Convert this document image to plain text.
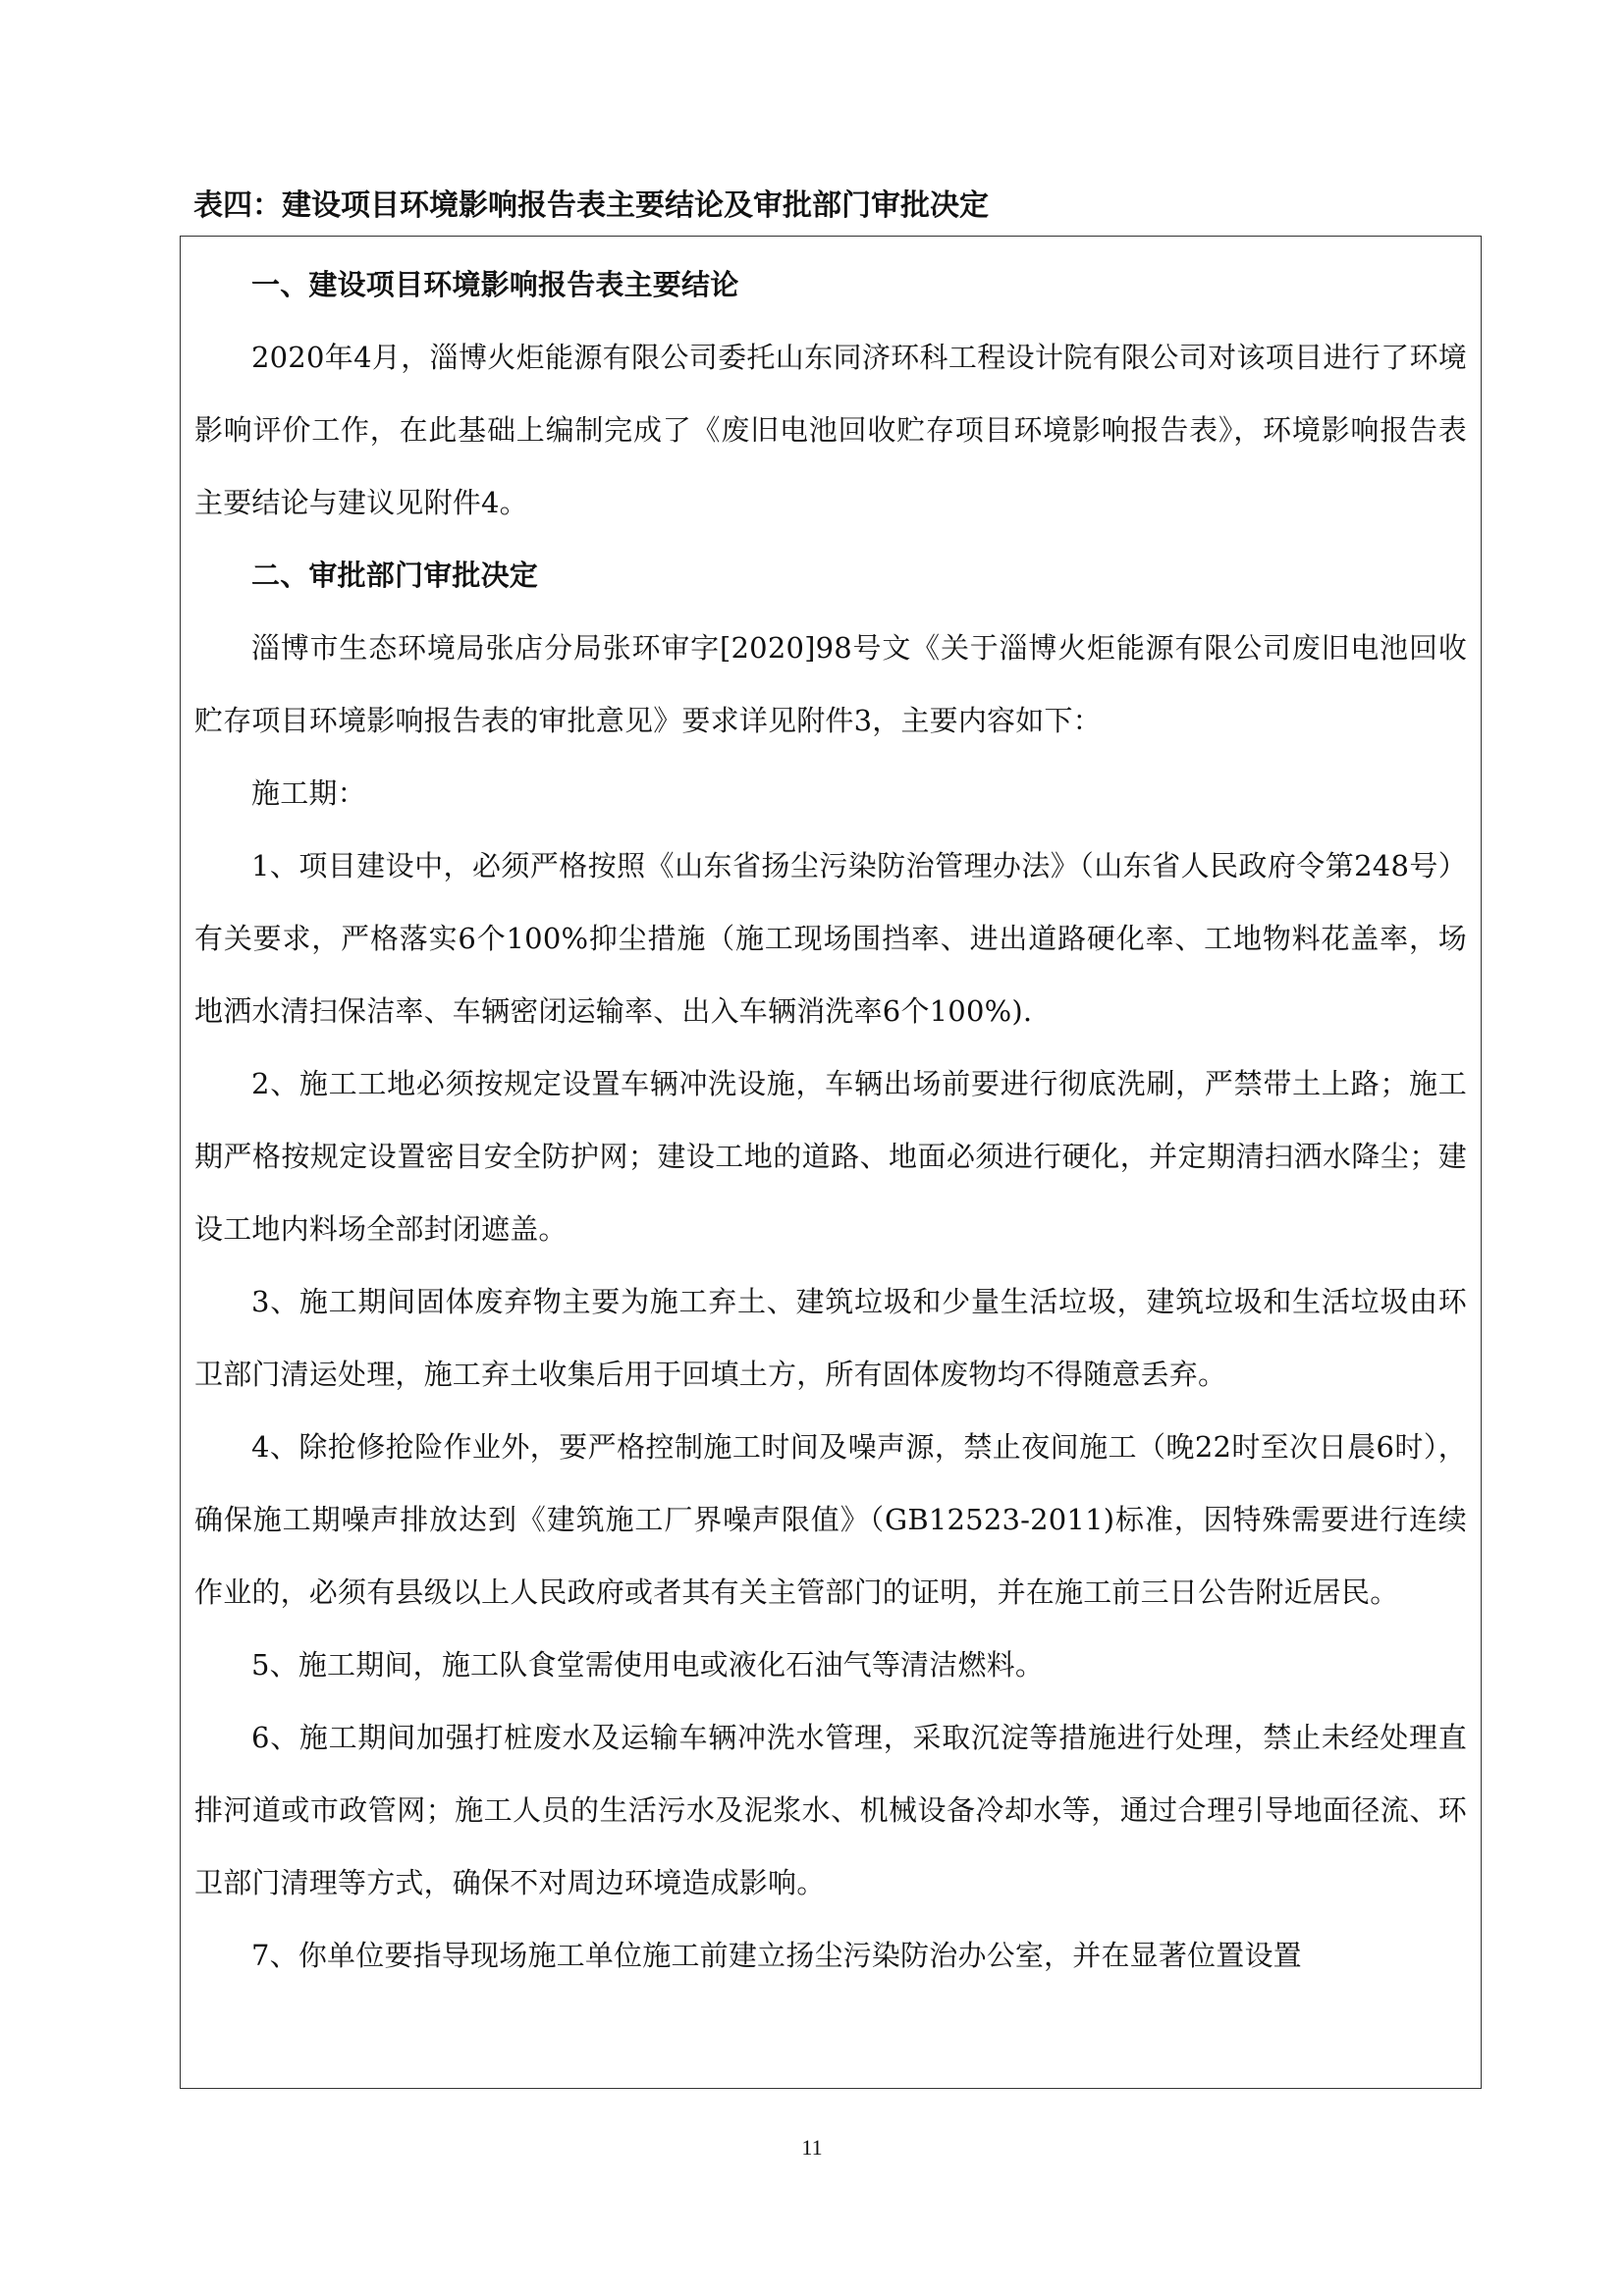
表四：建设项目环境影响报告表主要结论及审批部门审批决定

一、建设项目环境影响报告表主要结论

2020年4月，淄博火炬能源有限公司委托山东同济环科工程设计院有限公司对该项目进行了环境影响评价工作，在此基础上编制完成了《废旧电池回收贮存项目环境影响报告表》，环境影响报告表主要结论与建议见附件4。

二、审批部门审批决定

淄博市生态环境局张店分局张环审字[2020]98号文《关于淄博火炬能源有限公司废旧电池回收贮存项目环境影响报告表的审批意见》要求详见附件3，主要内容如下：

施工期：

1、项目建设中，必须严格按照《山东省扬尘污染防治管理办法》（山东省人民政府令第248号）有关要求，严格落实6个100%抑尘措施（施工现场围挡率、进出道路硬化率、工地物料花盖率，场地洒水清扫保洁率、车辆密闭运输率、出入车辆消洗率6个100%).

2、施工工地必须按规定设置车辆冲洗设施，车辆出场前要进行彻底洗刷，严禁带土上路；施工期严格按规定设置密目安全防护网；建设工地的道路、地面必须进行硬化，并定期清扫洒水降尘；建设工地内料场全部封闭遮盖。

3、施工期间固体废弃物主要为施工弃土、建筑垃圾和少量生活垃圾，建筑垃圾和生活垃圾由环卫部门清运处理，施工弃土收集后用于回填土方，所有固体废物均不得随意丢弃。

4、除抢修抢险作业外，要严格控制施工时间及噪声源，禁止夜间施工（晚22时至次日晨6时），确保施工期噪声排放达到《建筑施工厂界噪声限值》（GB12523-2011)标准，因特殊需要进行连续作业的，必须有县级以上人民政府或者其有关主管部门的证明，并在施工前三日公告附近居民。

5、施工期间，施工队食堂需使用电或液化石油气等清洁燃料。

6、施工期间加强打桩废水及运输车辆冲洗水管理，采取沉淀等措施进行处理，禁止未经处理直排河道或市政管网；施工人员的生活污水及泥浆水、机械设备冷却水等，通过合理引导地面径流、环卫部门清理等方式，确保不对周边环境造成影响。

7、你单位要指导现场施工单位施工前建立扬尘污染防治办公室，并在显著位置设置

11
